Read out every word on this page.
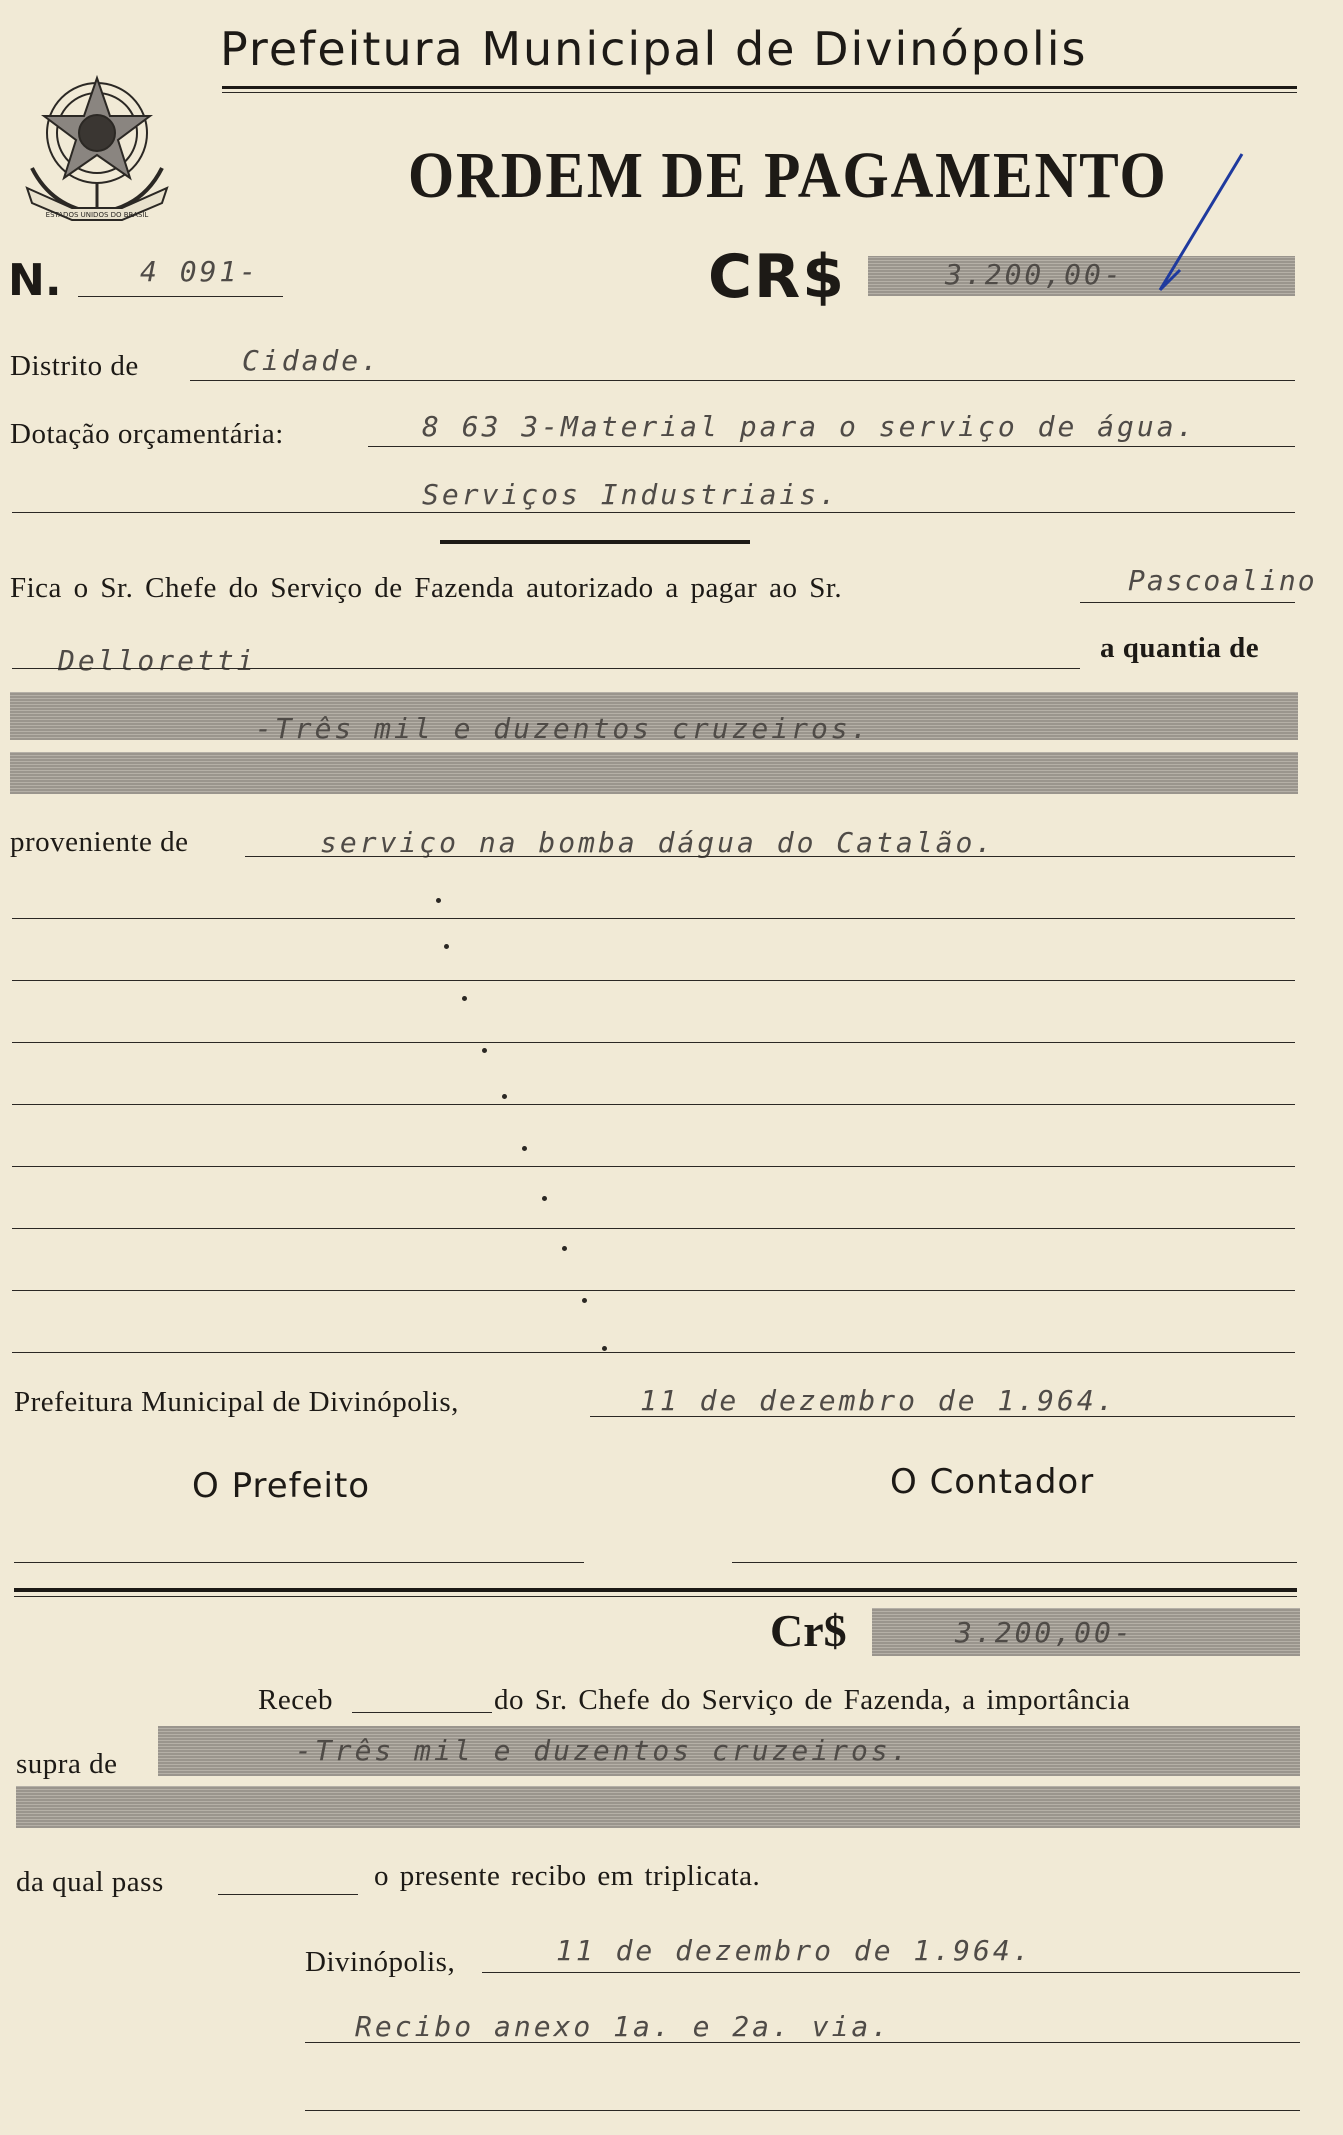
ESTADOS UNIDOS DO BRASIL
Prefeitura Municipal de Divinópolis
ORDEM DE PAGAMENTO
N.	4 091-	CR$	3.200,00-
Distrito de	Cidade.
Dotação orçamentária:	8 63 3-Material para o serviço de água.
Serviços Industriais.
Fica o Sr. Chefe do Serviço de Fazenda autorizado a pagar ao Sr.	Pascoalino
Delloretti	a quantia de
-Três mil e duzentos cruzeiros.
proveniente de	serviço na bomba dágua do Catalão.
Prefeitura Municipal de Divinópolis,	11 de dezembro de 1.964.
O Prefeito	O Contador
Cr$	3.200,00-
Receb	do Sr. Chefe do Serviço de Fazenda, a importância
supra de	-Três mil e duzentos cruzeiros.
da qual pass	o presente recibo em triplicata.
Divinópolis,	11 de dezembro de 1.964.
Recibo anexo 1a. e 2a. via.
